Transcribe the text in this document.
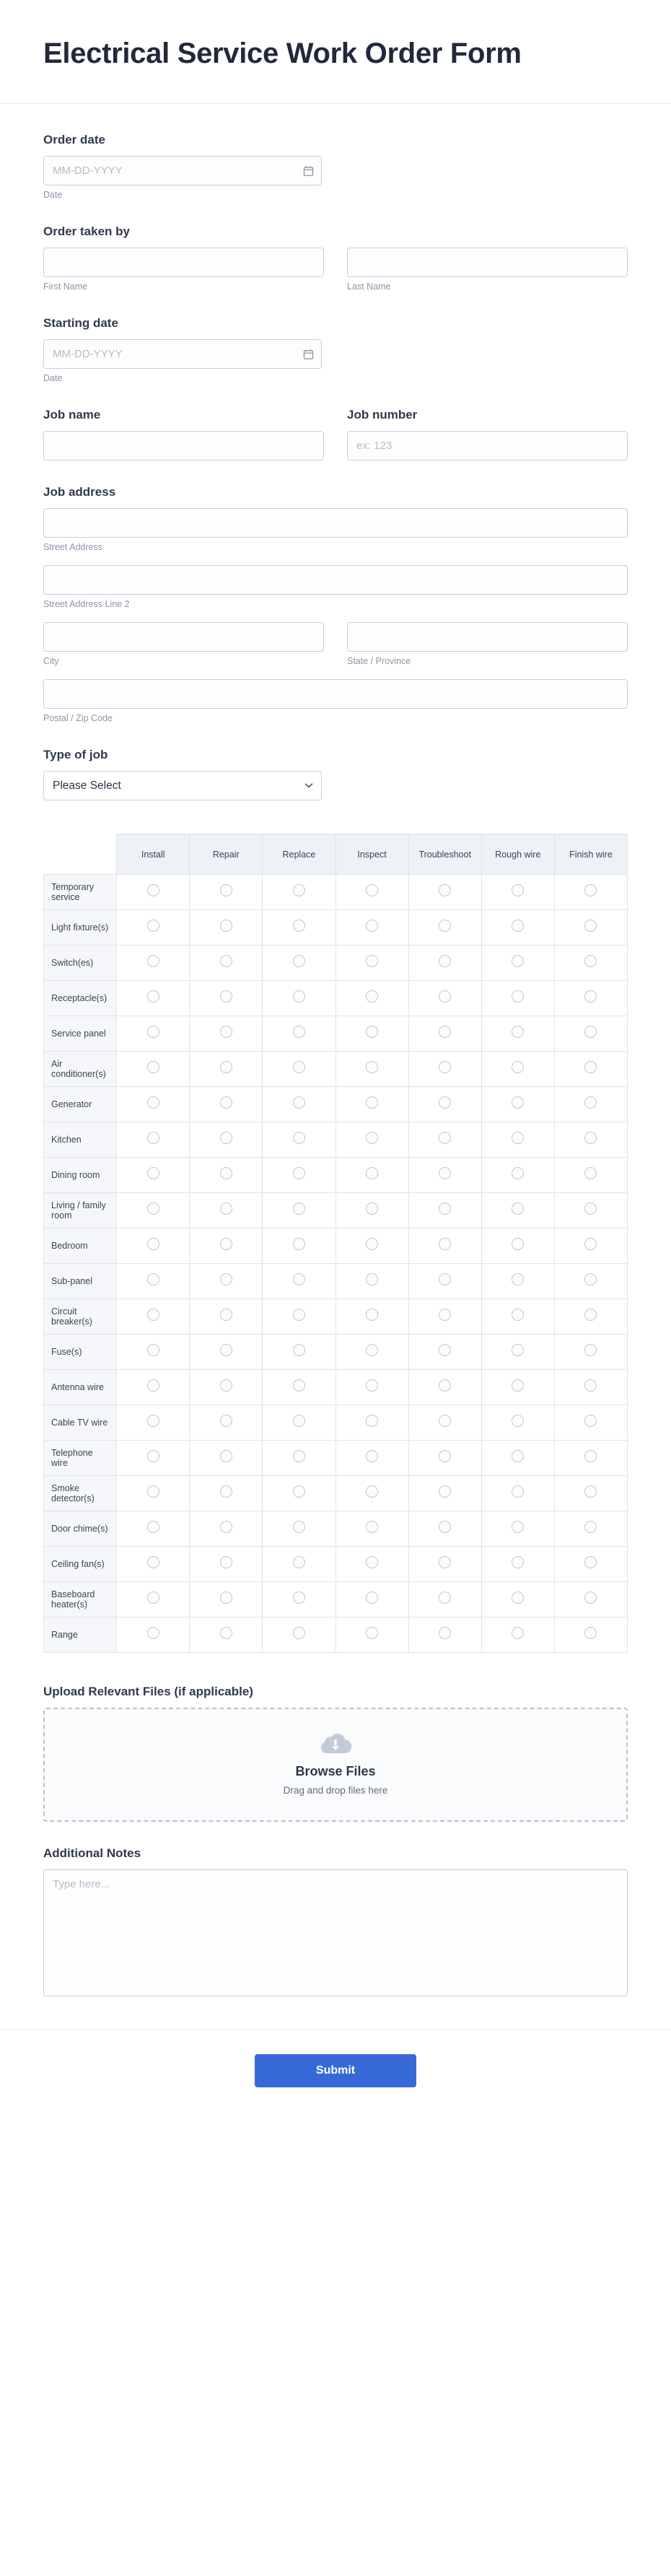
Electrical Service Work Order Form
Order date
MM-DD-YYYY
Date
Order taken by
First Name	Last Name
Starting date
MM-DD-YYYY
Date
Job name	Job number
ex: 123
Job address
Street Address
Street Address Line 2
City	State / Province
Postal / Zip Code
Type of job
Please Select
	Install	Repair	Replace	Inspect	Troubleshoot	Rough wire	Finish wire
Temporary service							
Light fixture(s)							
Switch(es)							
Receptacle(s)							
Service panel							
Air conditioner(s)							
Generator							
Kitchen							
Dining room							
Living / family room							
Bedroom							
Sub-panel							
Circuit breaker(s)							
Fuse(s)							
Antenna wire							
Cable TV wire							
Telephone wire							
Smoke detector(s)							
Door chime(s)							
Ceiling fan(s)							
Baseboard heater(s)							
Range							
Upload Relevant Files (if applicable)
Browse Files
Drag and drop files here
Additional Notes
Type here...
Submit
